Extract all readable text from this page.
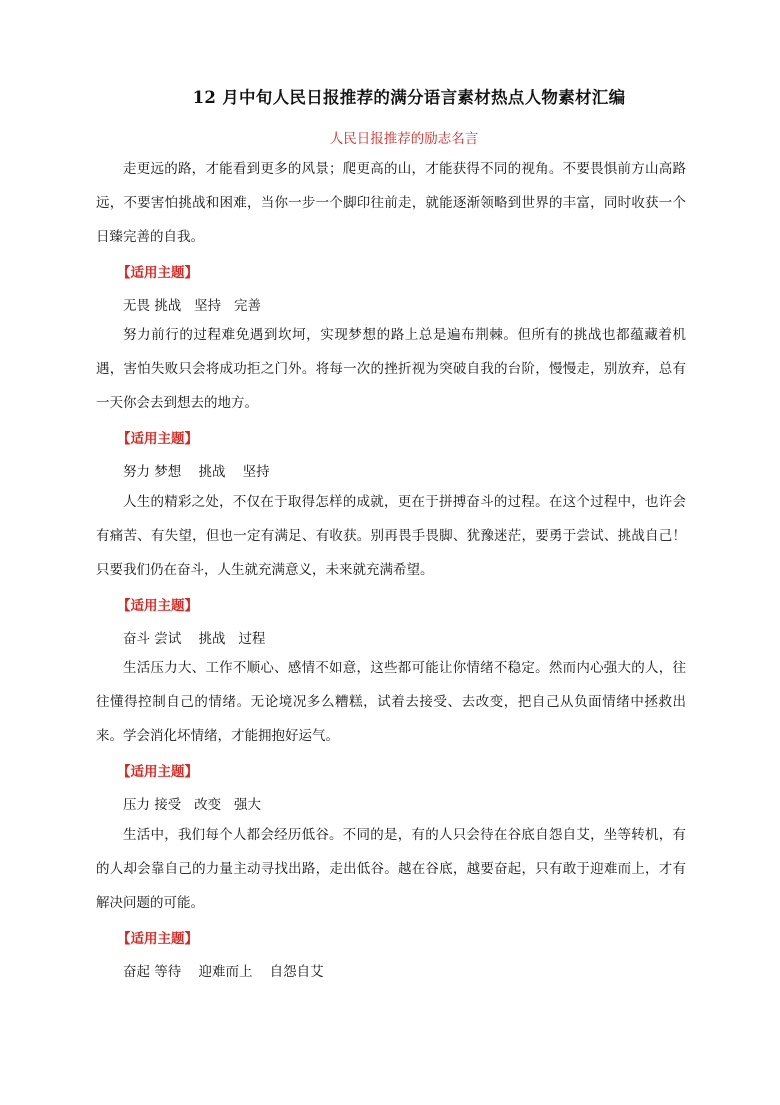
12 月中旬人民日报推荐的满分语言素材热点人物素材汇编
人民日报推荐的励志名言

走更远的路，才能看到更多的风景；爬更高的山，才能获得不同的视角。不要畏惧前方山高路远，不要害怕挑战和困难，当你一步一个脚印往前走，就能逐渐领略到世界的丰富，同时收获一个日臻完善的自我。

【适用主题】
无畏 挑战   坚持   完善

努力前行的过程难免遇到坎坷，实现梦想的路上总是遍布荆棘。但所有的挑战也都蕴藏着机遇，害怕失败只会将成功拒之门外。将每一次的挫折视为突破自我的台阶，慢慢走，别放弃，总有一天你会去到想去的地方。

【适用主题】
努力 梦想    挑战    坚持

人生的精彩之处，不仅在于取得怎样的成就，更在于拼搏奋斗的过程。在这个过程中，也许会有痛苦、有失望，但也一定有满足、有收获。别再畏手畏脚、犹豫迷茫，要勇于尝试、挑战自己！只要我们仍在奋斗，人生就充满意义，未来就充满希望。

【适用主题】
奋斗 尝试    挑战   过程

生活压力大、工作不顺心、感情不如意，这些都可能让你情绪不稳定。然而内心强大的人，往往懂得控制自己的情绪。无论境况多么糟糕，试着去接受、去改变，把自己从负面情绪中拯救出来。学会消化坏情绪，才能拥抱好运气。

【适用主题】
压力 接受   改变   强大

生活中，我们每个人都会经历低谷。不同的是，有的人只会待在谷底自怨自艾，坐等转机，有的人却会靠自己的力量主动寻找出路，走出低谷。越在谷底，越要奋起，只有敢于迎难而上，才有解决问题的可能。

【适用主题】
奋起 等待    迎难而上    自怨自艾
